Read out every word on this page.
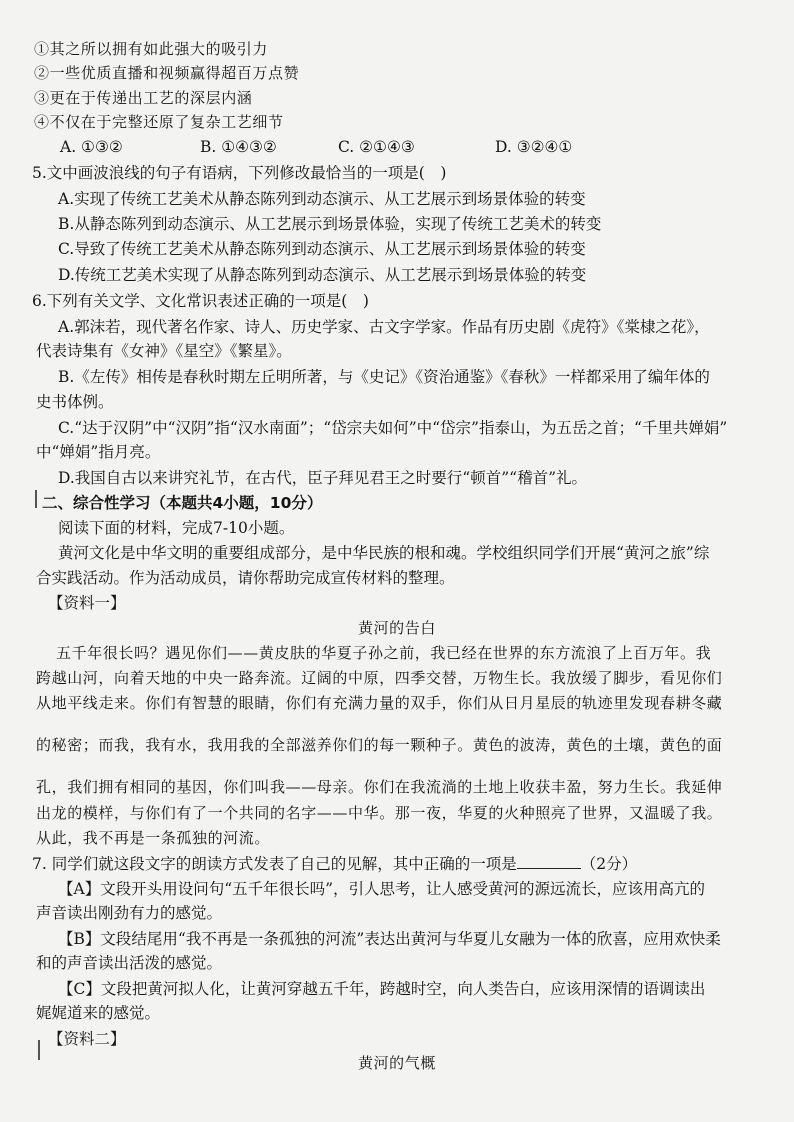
①其之所以拥有如此强大的吸引力
②一些优质直播和视频赢得超百万点赞
③更在于传递出工艺的深层内涵
④不仅在于完整还原了复杂工艺细节
A. ①③②	B. ①④③②	C. ②①④③	D. ③②④①
5.文中画波浪线的句子有语病，下列修改最恰当的一项是(　)
A.实现了传统工艺美术从静态陈列到动态演示、从工艺展示到场景体验的转变
B.从静态陈列到动态演示、从工艺展示到场景体验，实现了传统工艺美术的转变
C.导致了传统工艺美术从静态陈列到动态演示、从工艺展示到场景体验的转变
D.传统工艺美术实现了从静态陈列到动态演示、从工艺展示到场景体验的转变
6.下列有关文学、文化常识表述正确的一项是(　)
A.郭沫若，现代著名作家、诗人、历史学家、古文字学家。作品有历史剧《虎符》《棠棣之花》，
代表诗集有《女神》《星空》《繁星》。
B.《左传》相传是春秋时期左丘明所著，与《史记》《资治通鉴》《春秋》一样都采用了编年体的
史书体例。
C.“达于汉阴”中“汉阴”指“汉水南面”；“岱宗夫如何”中“岱宗”指泰山，为五岳之首；“千里共婵娟”
中“婵娟”指月亮。
D.我国自古以来讲究礼节，在古代，臣子拜见君王之时要行“顿首”“稽首”礼。
二、综合性学习（本题共4小题，10分）
阅读下面的材料，完成7-10小题。
黄河文化是中华文明的重要组成部分，是中华民族的根和魂。学校组织同学们开展“黄河之旅”综
合实践活动。作为活动成员，请你帮助完成宣传材料的整理。
【资料一】
黄河的告白
五千年很长吗？遇见你们——黄皮肤的华夏子孙之前，我已经在世界的东方流浪了上百万年。我
跨越山河，向着天地的中央一路奔流。辽阔的中原，四季交替，万物生长。我放缓了脚步，看见你们
从地平线走来。你们有智慧的眼睛，你们有充满力量的双手，你们从日月星辰的轨迹里发现春耕冬藏
的秘密；而我，我有水，我用我的全部滋养你们的每一颗种子。黄色的波涛，黄色的土壤，黄色的面
孔，我们拥有相同的基因，你们叫我——母亲。你们在我流淌的土地上收获丰盈，努力生长。我延伸
出龙的模样，与你们有了一个共同的名字——中华。那一夜，华夏的火种照亮了世界，又温暖了我。
从此，我不再是一条孤独的河流。
7. 同学们就这段文字的朗读方式发表了自己的见解，其中正确的一项是	（2分）
【A】文段开头用设问句“五千年很长吗”，引人思考，让人感受黄河的源远流长，应该用高亢的
声音读出刚劲有力的感觉。
【B】文段结尾用“我不再是一条孤独的河流”表达出黄河与华夏儿女融为一体的欣喜，应用欢快柔
和的声音读出活泼的感觉。
【C】文段把黄河拟人化，让黄河穿越五千年，跨越时空，向人类告白，应该用深情的语调读出
娓娓道来的感觉。
【资料二】
黄河的气概
